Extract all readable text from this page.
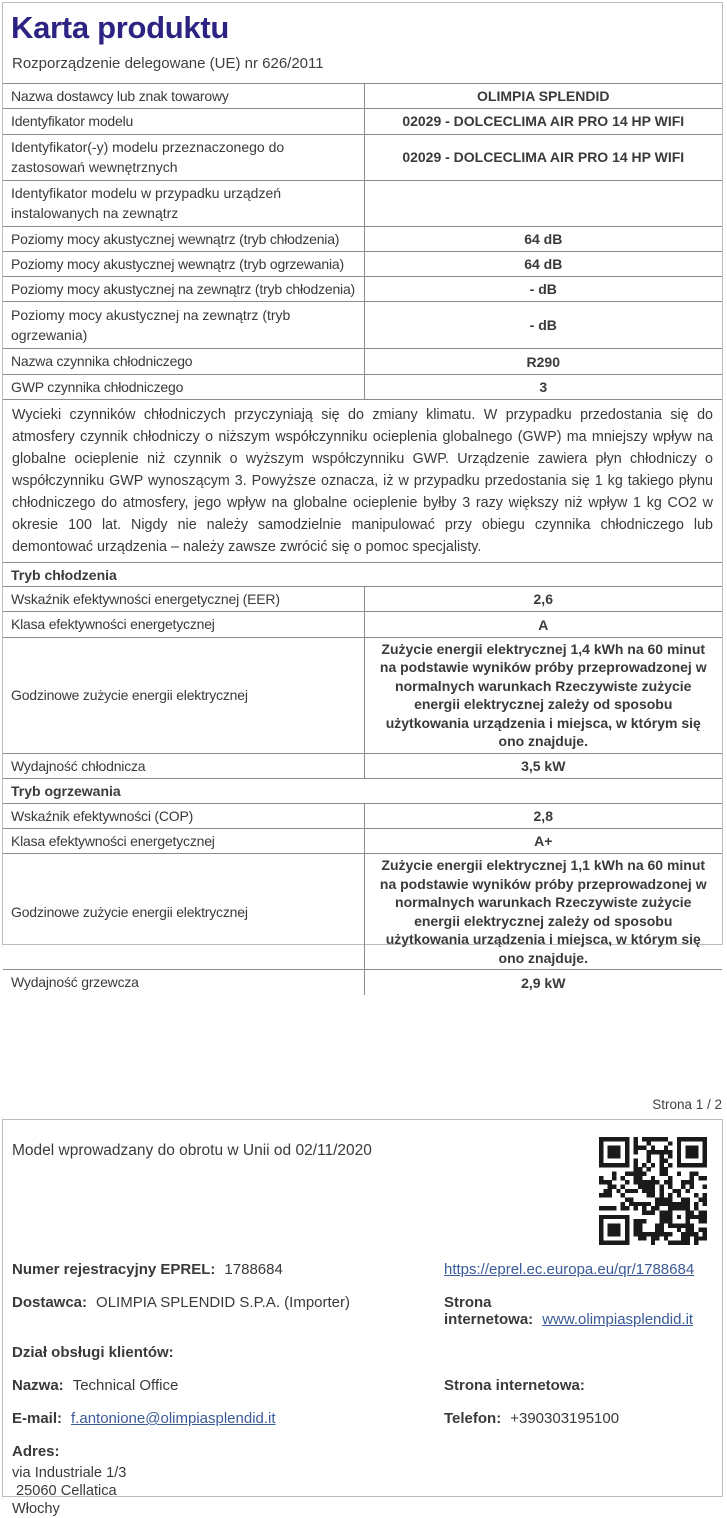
Karta produktu

Rozporządzenie delegowane (UE) nr 626/2011

Nazwa dostawcy lub znak towarowy	OLIMPIA SPLENDID
Identyfikator modelu	02029 - DOLCECLIMA AIR PRO 14 HP WIFI
Identyfikator(-y) modelu przeznaczonego do zastosowań wewnętrznych	02029 - DOLCECLIMA AIR PRO 14 HP WIFI
Identyfikator modelu w przypadku urządzeń instalowanych na zewnątrz	
Poziomy mocy akustycznej wewnątrz (tryb chłodzenia)	64 dB
Poziomy mocy akustycznej wewnątrz (tryb ogrzewania)	64 dB
Poziomy mocy akustycznej na zewnątrz (tryb chłodzenia)	- dB
Poziomy mocy akustycznej na zewnątrz (tryb ogrzewania)	- dB
Nazwa czynnika chłodniczego	R290
GWP czynnika chłodniczego	3
Wycieki czynników chłodniczych przyczyniają się do zmiany klimatu. W przypadku przedostania się do atmosfery czynnik chłodniczy o niższym współczynniku ocieplenia globalnego (GWP) ma mniejszy wpływ na globalne ocieplenie niż czynnik o wyższym współczynniku GWP. Urządzenie zawiera płyn chłodniczy o współczynniku GWP wynoszącym 3. Powyższe oznacza, iż w przypadku przedostania się 1 kg takiego płynu chłodniczego do atmosfery, jego wpływ na globalne ocieplenie byłby 3 razy większy niż wpływ 1 kg CO2 w okresie 100 lat. Nigdy nie należy samodzielnie manipulować przy obiegu czynnika chłodniczego lub demontować urządzenia – należy zawsze zwrócić się o pomoc specjalisty.	
Tryb chłodzenia	
Wskaźnik efektywności energetycznej (EER)	2,6
Klasa efektywności energetycznej	A
Godzinowe zużycie energii elektrycznej	Zużycie energii elektrycznej 1,4 kWh na 60 minut na podstawie wyników próby przeprowadzonej w normalnych warunkach Rzeczywiste zużycie energii elektrycznej zależy od sposobu użytkowania urządzenia i miejsca, w którym się ono znajduje.
Wydajność chłodnicza	3,5 kW
Tryb ogrzewania	
Wskaźnik efektywności (COP)	2,8
Klasa efektywności energetycznej	A+
Godzinowe zużycie energii elektrycznej	Zużycie energii elektrycznej 1,1 kWh na 60 minut na podstawie wyników próby przeprowadzonej w normalnych warunkach Rzeczywiste zużycie energii elektrycznej zależy od sposobu użytkowania urządzenia i miejsca, w którym się ono znajduje.
Wydajność grzewcza	2,9 kW
Strona 1 / 2
Model wprowadzany do obrotu w Unii od 02/11/2020
Numer rejestracyjny EPREL: 1788684	https://eprel.ec.europa.eu/qr/1788684
Dostawca: OLIMPIA SPLENDID S.P.A. (Importer)	Strona internetowa: www.olimpiasplendid.it
Dział obsługi klientów:
Nazwa: Technical Office	Strona internetowa:
E-mail: f.antonione@olimpiasplendid.it	Telefon: +390303195100
Adres:
via Industriale 1/3
25060 Cellatica
Włochy
